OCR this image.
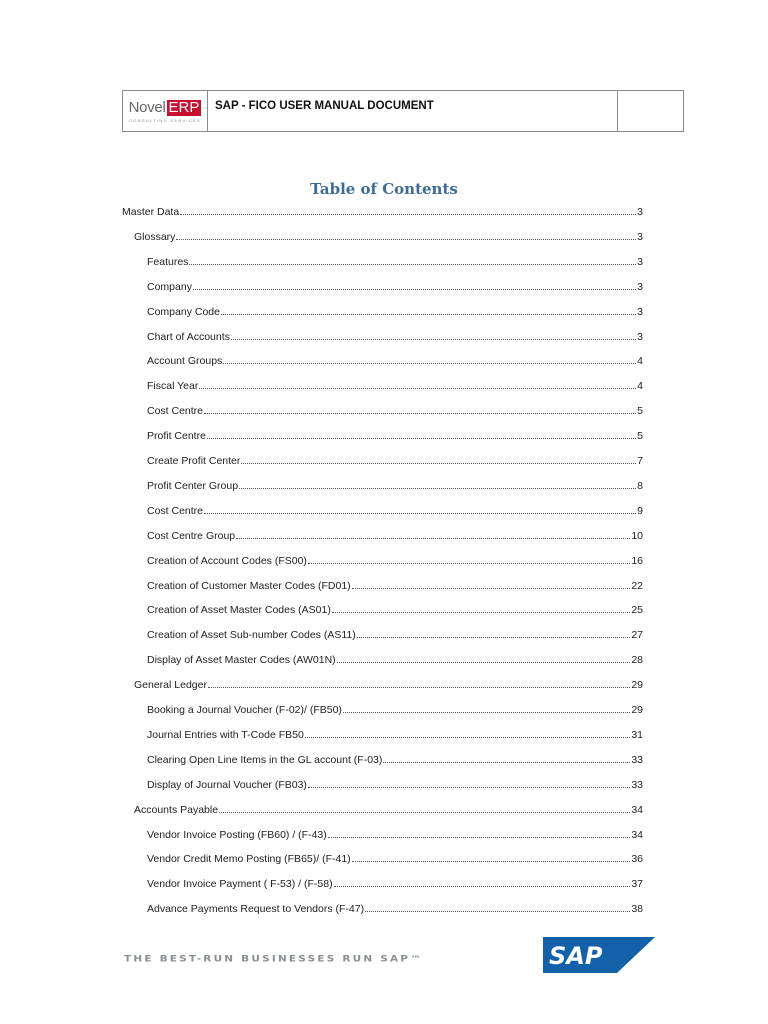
Novel ERP
CONSULTING SERVICES
SAP - FICO USER MANUAL DOCUMENT
Table of Contents
Master Data	3
Glossary	3
Features	3
Company	3
Company Code	3
Chart of Accounts	3
Account Groups	4
Fiscal Year	4
Cost Centre	5
Profit Centre	5
Create Profit Center	7
Profit Center Group	8
Cost Centre	9
Cost Centre Group	10
Creation of Account Codes (FS00)	16
Creation of Customer Master Codes (FD01)	22
Creation of Asset Master Codes (AS01)	25
Creation of Asset Sub-number Codes (AS11)	27
Display of Asset Master Codes (AW01N)	28
General Ledger	29
Booking a Journal Voucher (F-02)/ (FB50)	29
Journal Entries with T-Code FB50	31
Clearing Open Line Items in the GL account (F-03)	33
Display of Journal Voucher (FB03)	33
Accounts Payable	34
Vendor Invoice Posting (FB60) / (F-43)	34
Vendor Credit Memo Posting (FB65)/ (F-41)	36
Vendor Invoice Payment ( F-53) / (F-58)	37
Advance Payments Request to Vendors (F-47)	38
THE BEST-RUN BUSINESSES RUN SAP™	SAP
